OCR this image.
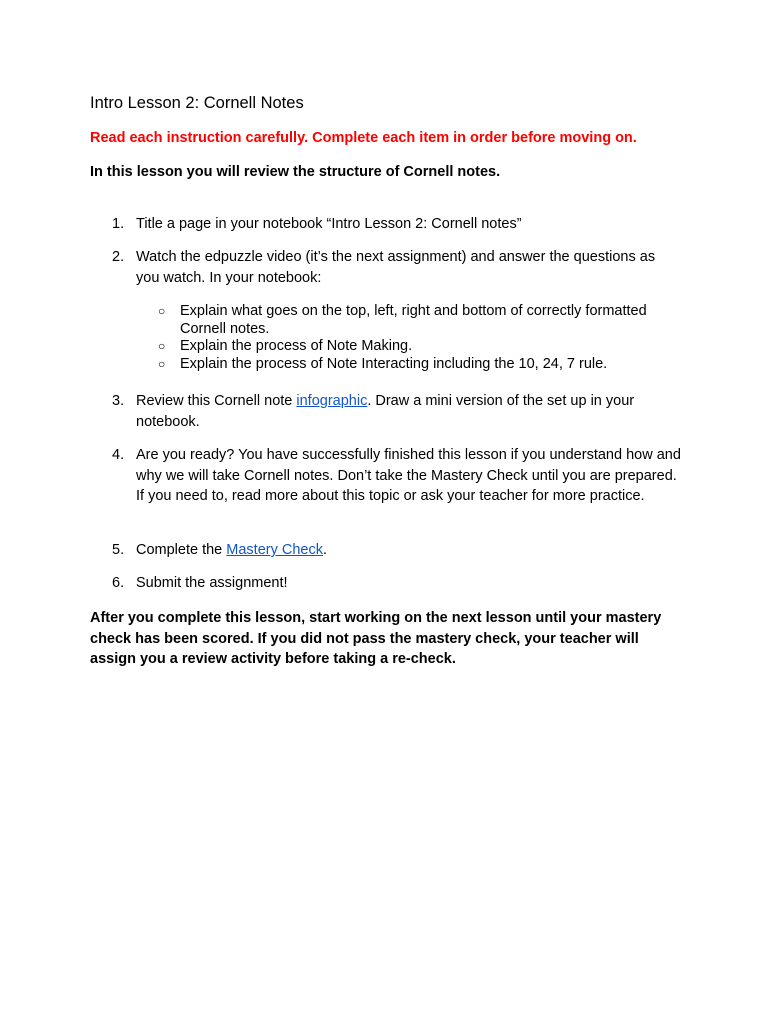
Intro Lesson 2: Cornell Notes

Read each instruction carefully. Complete each item in order before moving on.

In this lesson you will review the structure of Cornell notes.

1. Title a page in your notebook “Intro Lesson 2: Cornell notes”
2. Watch the edpuzzle video (it’s the next assignment) and answer the questions as you watch. In your notebook:
○ Explain what goes on the top, left, right and bottom of correctly formatted Cornell notes.
○ Explain the process of Note Making.
○ Explain the process of Note Interacting including the 10, 24, 7 rule.
3. Review this Cornell note infographic. Draw a mini version of the set up in your notebook.
4. Are you ready? You have successfully finished this lesson if you understand how and why we will take Cornell notes. Don’t take the Mastery Check until you are prepared. If you need to, read more about this topic or ask your teacher for more practice.
5. Complete the Mastery Check.
6. Submit the assignment!

After you complete this lesson, start working on the next lesson until your mastery check has been scored. If you did not pass the mastery check, your teacher will assign you a review activity before taking a re-check.
